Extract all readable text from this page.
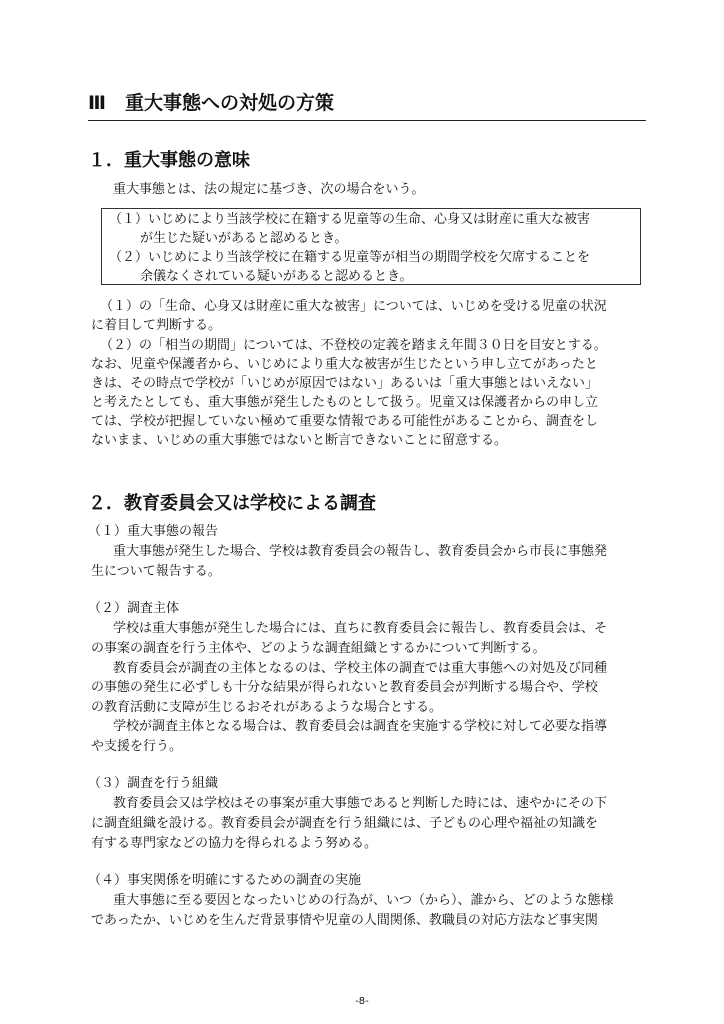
Ⅲ　重大事態への対処の方策
１．重大事態の意味
重大事態とは、法の規定に基づき、次の場合をいう。
（１）いじめにより当該学校に在籍する児童等の生命、心身又は財産に重大な被害
が生じた疑いがあると認めるとき。
（２）いじめにより当該学校に在籍する児童等が相当の期間学校を欠席することを
余儀なくされている疑いがあると認めるとき。
（１）の「生命、心身又は財産に重大な被害」については、いじめを受ける児童の状況
に着目して判断する。
（２）の「相当の期間」については、不登校の定義を踏まえ年間３０日を目安とする。
なお、児童や保護者から、いじめにより重大な被害が生じたという申し立てがあったと
きは、その時点で学校が「いじめが原因ではない」あるいは「重大事態とはいえない」
と考えたとしても、重大事態が発生したものとして扱う。児童又は保護者からの申し立
ては、学校が把握していない極めて重要な情報である可能性があることから、調査をし
ないまま、いじめの重大事態ではないと断言できないことに留意する。
２．教育委員会又は学校による調査
（１）重大事態の報告
重大事態が発生した場合、学校は教育委員会の報告し、教育委員会から市長に事態発
生について報告する。
（２）調査主体
学校は重大事態が発生した場合には、直ちに教育委員会に報告し、教育委員会は、そ
の事案の調査を行う主体や、どのような調査組織とするかについて判断する。
教育委員会が調査の主体となるのは、学校主体の調査では重大事態への対処及び同種
の事態の発生に必ずしも十分な結果が得られないと教育委員会が判断する場合や、学校
の教育活動に支障が生じるおそれがあるような場合とする。
学校が調査主体となる場合は、教育委員会は調査を実施する学校に対して必要な指導
や支援を行う。
（３）調査を行う組織
教育委員会又は学校はその事案が重大事態であると判断した時には、速やかにその下
に調査組織を設ける。教育委員会が調査を行う組織には、子どもの心理や福祉の知識を
有する専門家などの協力を得られるよう努める。
（４）事実関係を明確にするための調査の実施
重大事態に至る要因となったいじめの行為が、いつ（から）、誰から、どのような態様
であったか、いじめを生んだ背景事情や児童の人間関係、教職員の対応方法など事実関
-8-
